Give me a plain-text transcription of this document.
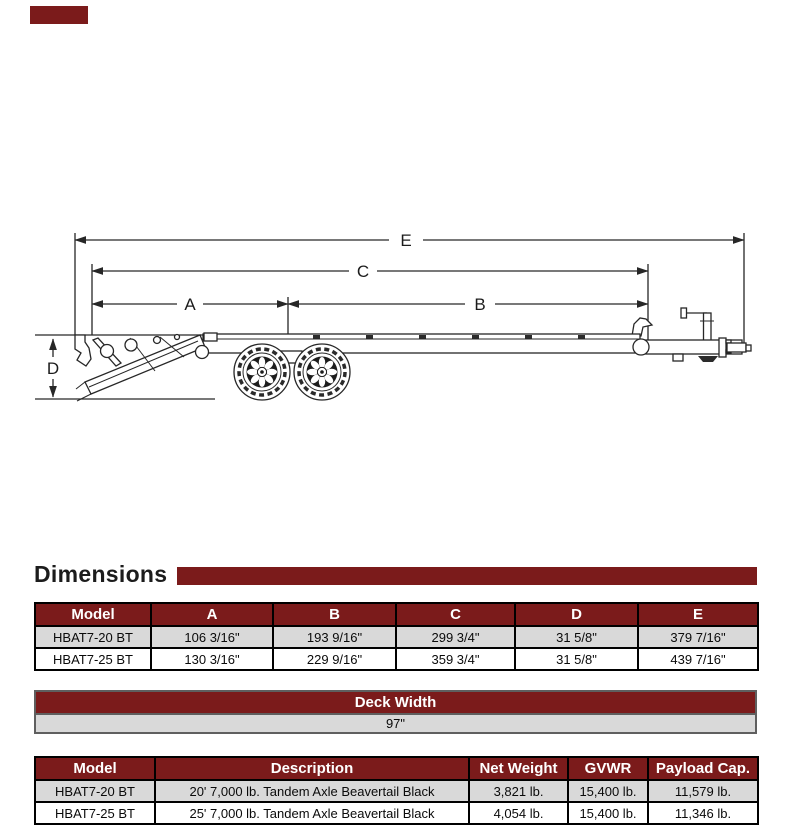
E
C
A	B
D
Dimensions
Model	A	B	C	D	E
HBAT7-20 BT	106 3/16"	193 9/16"	299 3/4"	31 5/8"	379 7/16"
HBAT7-25 BT	130 3/16"	229 9/16"	359 3/4"	31 5/8"	439 7/16"
Deck Width
97"
Model	Description	Net Weight	GVWR	Payload Cap.
HBAT7-20 BT	20' 7,000 lb. Tandem Axle Beavertail Black	3,821 lb.	15,400 lb.	11,579 lb.
HBAT7-25 BT	25' 7,000 lb. Tandem Axle Beavertail Black	4,054 lb.	15,400 lb.	11,346 lb.
